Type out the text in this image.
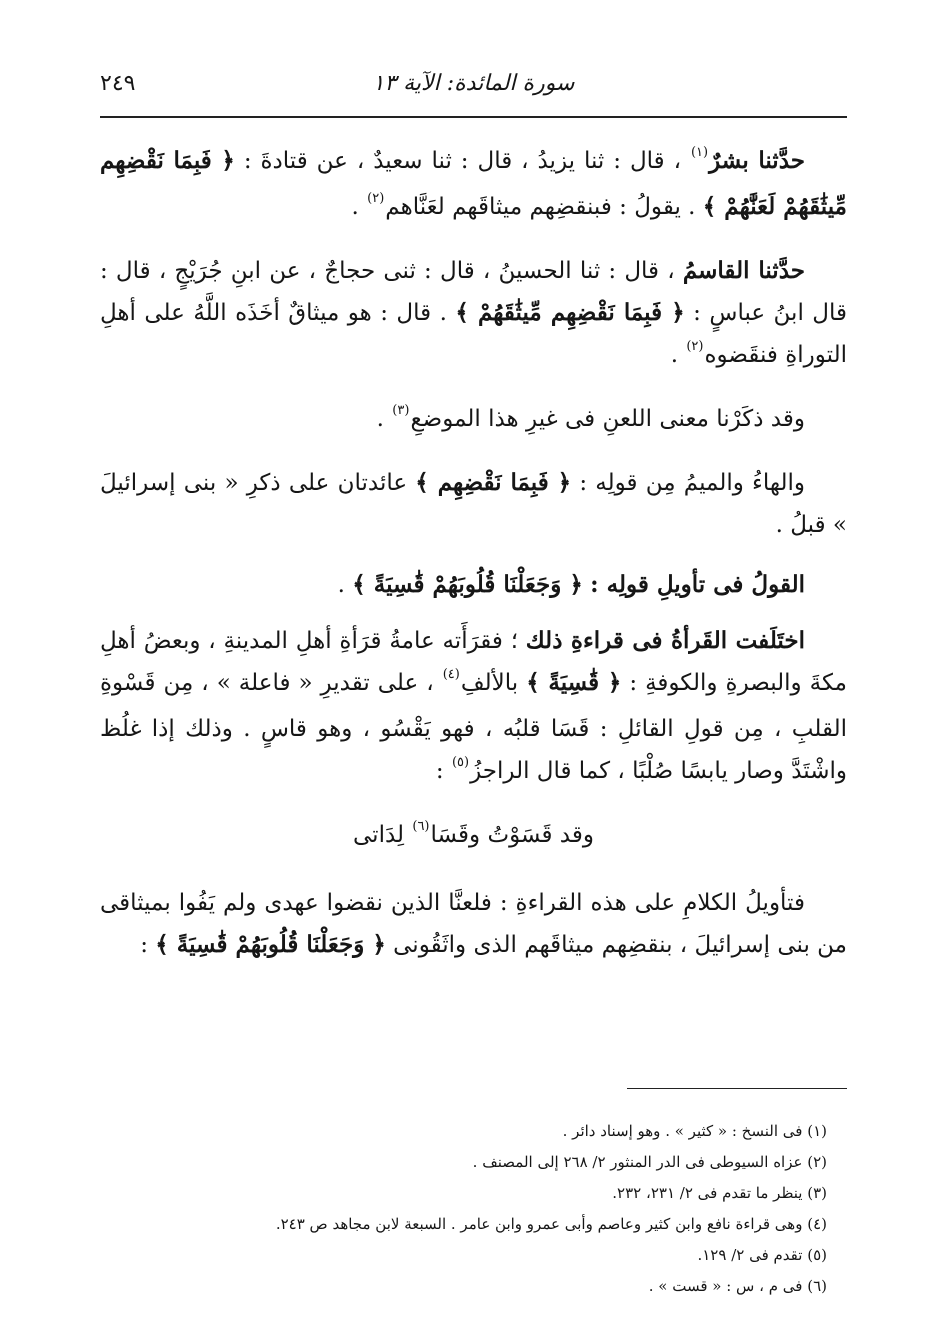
سورة المائدة: الآية ١٣
٢٤٩

حدَّثنا بشرٌ$^{(١)}$ ، قال : ثنا يزيدُ ، قال : ثنا سعيدٌ ، عن قتادةَ : ﴿ فَبِمَا نَقْضِهِم مِّيثَٰقَهُمْ لَعَنَّٰهُمْ ﴾ . يقولُ : فبنقضِهم ميثاقَهم لعَنَّاهم$^{(٢)}$ .

حدَّثنا القاسمُ ، قال : ثنا الحسينُ ، قال : ثنى حجاجٌ ، عن ابنِ جُرَيْجٍ ، قال : قال ابنُ عباسٍ : ﴿ فَبِمَا نَقْضِهِم مِّيثَٰقَهُمْ ﴾ . قال : هو ميثاقٌ أخَذَه اللَّهُ على أهلِ التوراةِ فنقَضوه$^{(٢)}$ .

وقد ذكَرْنا معنى اللعنِ فى غيرِ هذا الموضعِ$^{(٣)}$ .

والهاءُ والميمُ مِن قولِه : ﴿ فَبِمَا نَقْضِهِم ﴾ عائدتان على ذكرِ « بنى إسرائيلَ » قبلُ .

القولُ فى تأويلِ قولِه : ﴿ وَجَعَلْنَا قُلُوبَهُمْ قَٰسِيَةً ﴾ .

اختَلَفت القَرأةُ فى قراءةِ ذلك ؛ فقرَأَته عامةُ قرَأةِ أهلِ المدينةِ ، وبعضُ أهلِ مكةَ والبصرةِ والكوفةِ : ﴿ قَٰسِيَةً ﴾ بالألفِ$^{(٤)}$ ، على تقديرِ « فاعلة » ، مِن قَسْوةِ القلبِ ، مِن قولِ القائلِ : قَسَا قلبُه ، فهو يَقْسُو ، وهو قاسٍ . وذلك إذا غلُظ واشْتَدَّ وصار يابسًا صُلْبًا ، كما قال الراجزُ$^{(٥)}$ :

وقد قَسَوْتُ وقَسَا$^{(٦)}$ لِدَاتى

فتأويلُ الكلامِ على هذه القراءةِ : فلعنَّا الذين نقضوا عهدى ولم يَفُوا بميثاقى من بنى إسرائيلَ ، بنقضِهم ميثاقَهم الذى واثَقُونى ﴿ وَجَعَلْنَا قُلُوبَهُمْ قَٰسِيَةً ﴾ :

(١) فى النسخ : « كثير » . وهو إسناد دائر .
(٢) عزاه السيوطى فى الدر المنثور ٢/ ٢٦٨ إلى المصنف .
(٣) ينظر ما تقدم فى ٢/ ٢٣١، ٢٣٢.
(٤) وهى قراءة نافع وابن كثير وعاصم وأبى عمرو وابن عامر . السبعة لابن مجاهد ص ٢٤٣.
(٥) تقدم فى ٢/ ١٢٩.
(٦) فى م ، س : « قست » .
